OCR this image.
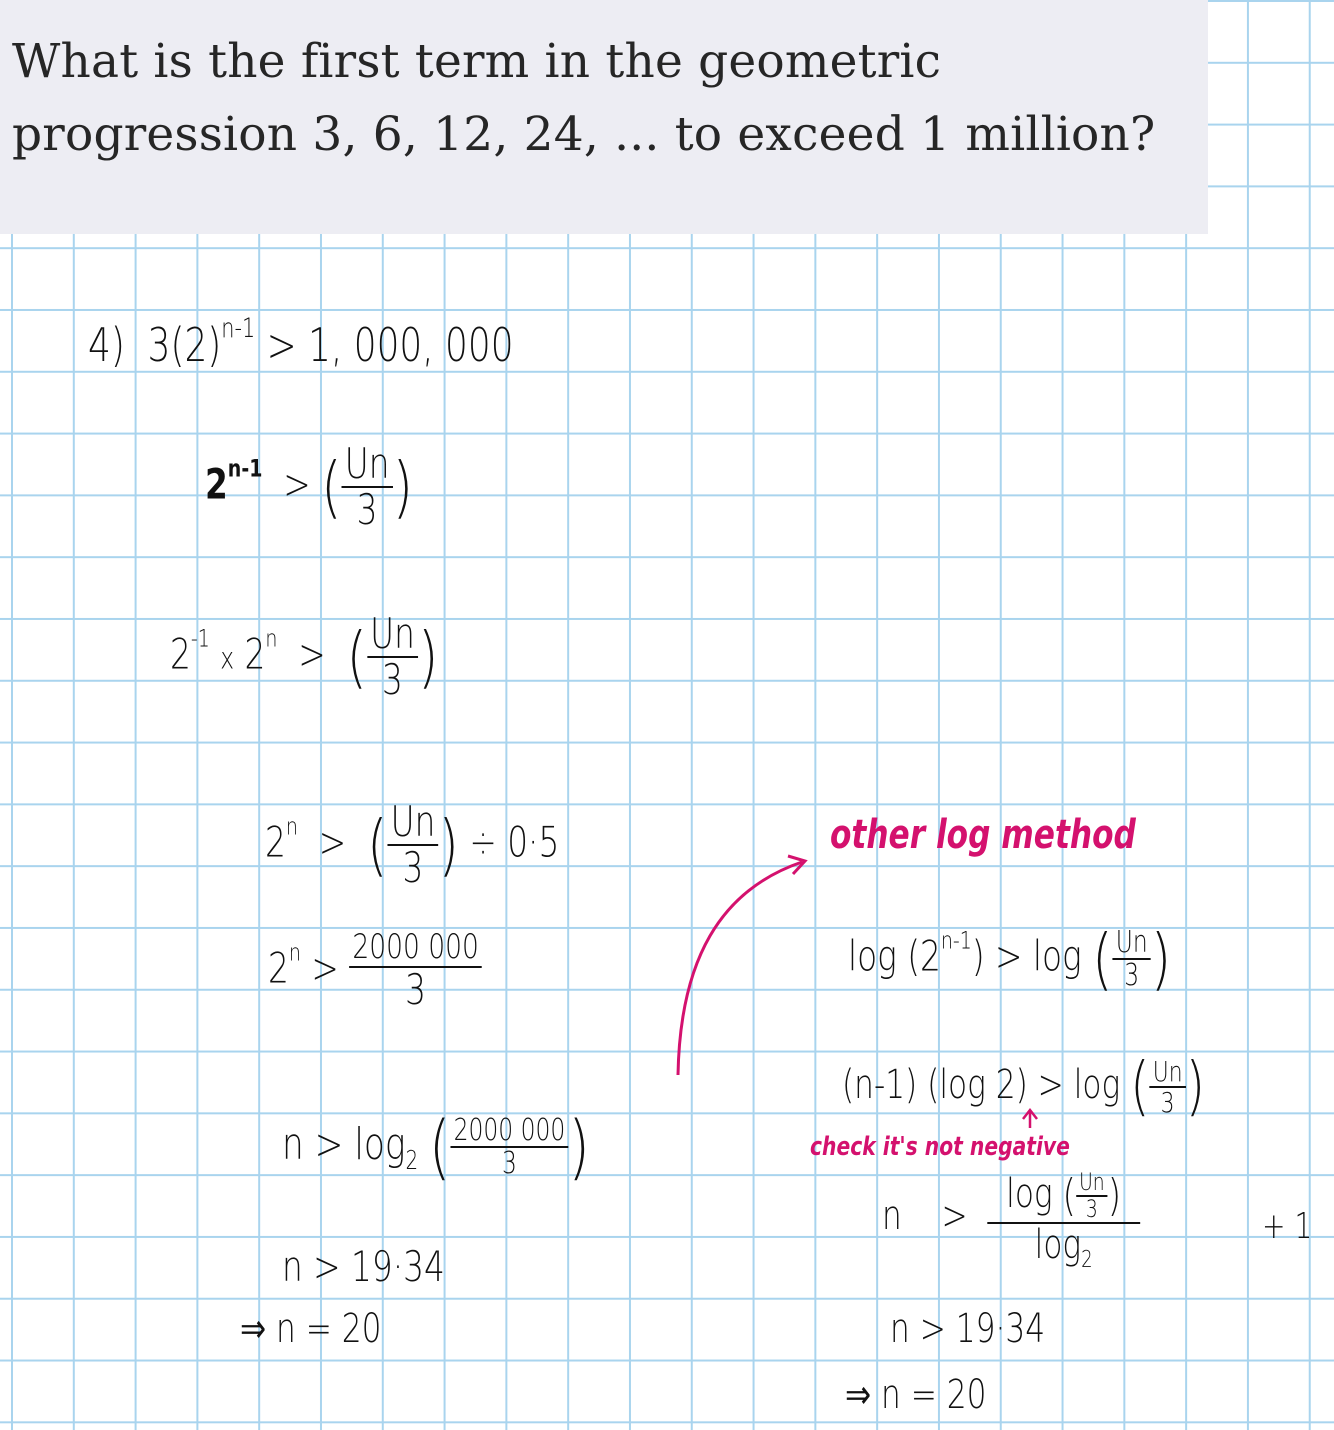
What is the first term in the geometric
progression 3, 6, 12, 24, ... to exceed 1 million?
4) $3(2)^{n-1} > 1$, 000, 000
$2^{n-1}$ > ( $\frac{Un}{3}$ )
$2^{-1}$ x $2^n$ > ( $\frac{Un}{3}$ )
$2^n$ > ( $\frac{Un}{3}$ ) ÷ 0·5
$2^n > \frac{2000 000}{3}$
$n > \log_2$ ( $\frac{2000 000}{3}$ )
n > 19·34
⇒ n = 20
other log method
$\log (2^{n-1}) > \log$ ( $\frac{Un}{3}$ )
(n-1) (log 2) > log ( $\frac{Un}{3}$ )
check it's not negative
$n > \frac{\log ( \frac{Un}{3} )}{\log_2}$	+ 1
n > 19·34
⇒ n = 20
